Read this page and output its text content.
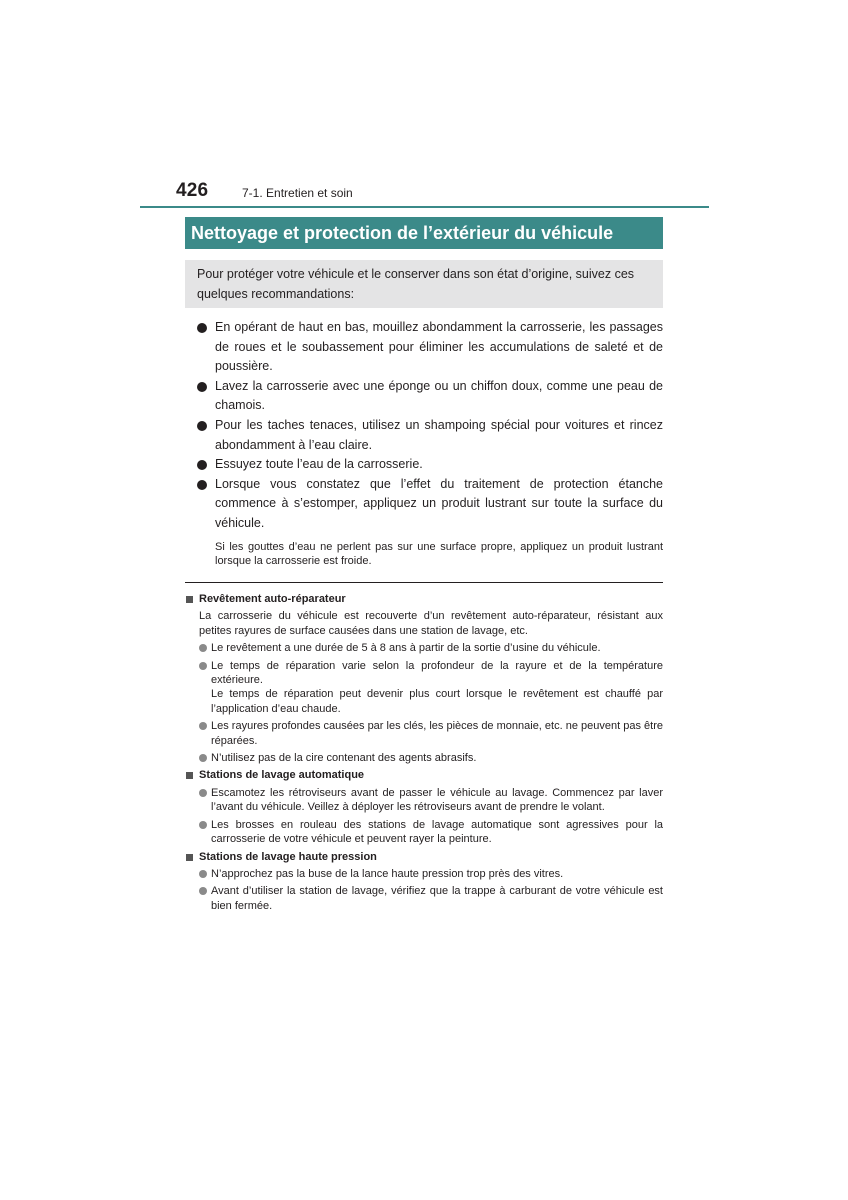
426	7-1. Entretien et soin
Nettoyage et protection de l’extérieur du véhicule
Pour protéger votre véhicule et le conserver dans son état d’origine, suivez ces quelques recommandations:
En opérant de haut en bas, mouillez abondamment la carrosserie, les passages de roues et le soubassement pour éliminer les accumulations de saleté et de poussière.
Lavez la carrosserie avec une éponge ou un chiffon doux, comme une peau de chamois.
Pour les taches tenaces, utilisez un shampoing spécial pour voitures et rincez abondamment à l’eau claire.
Essuyez toute l’eau de la carrosserie.
Lorsque vous constatez que l’effet du traitement de protection étanche commence à s’estomper, appliquez un produit lustrant sur toute la surface du véhicule.
Si les gouttes d’eau ne perlent pas sur une surface propre, appliquez un produit lustrant lorsque la carrosserie est froide.
Revêtement auto-réparateur
La carrosserie du véhicule est recouverte d’un revêtement auto-réparateur, résistant aux petites rayures de surface causées dans une station de lavage, etc.
Le revêtement a une durée de 5 à 8 ans à partir de la sortie d’usine du véhicule.
Le temps de réparation varie selon la profondeur de la rayure et de la température extérieure.
Le temps de réparation peut devenir plus court lorsque le revêtement est chauffé par l’application d’eau chaude.
Les rayures profondes causées par les clés, les pièces de monnaie, etc. ne peuvent pas être réparées.
N’utilisez pas de la cire contenant des agents abrasifs.
Stations de lavage automatique
Escamotez les rétroviseurs avant de passer le véhicule au lavage. Commencez par laver l’avant du véhicule. Veillez à déployer les rétroviseurs avant de prendre le volant.
Les brosses en rouleau des stations de lavage automatique sont agressives pour la carrosserie de votre véhicule et peuvent rayer la peinture.
Stations de lavage haute pression
N’approchez pas la buse de la lance haute pression trop près des vitres.
Avant d’utiliser la station de lavage, vérifiez que la trappe à carburant de votre véhicule est bien fermée.
